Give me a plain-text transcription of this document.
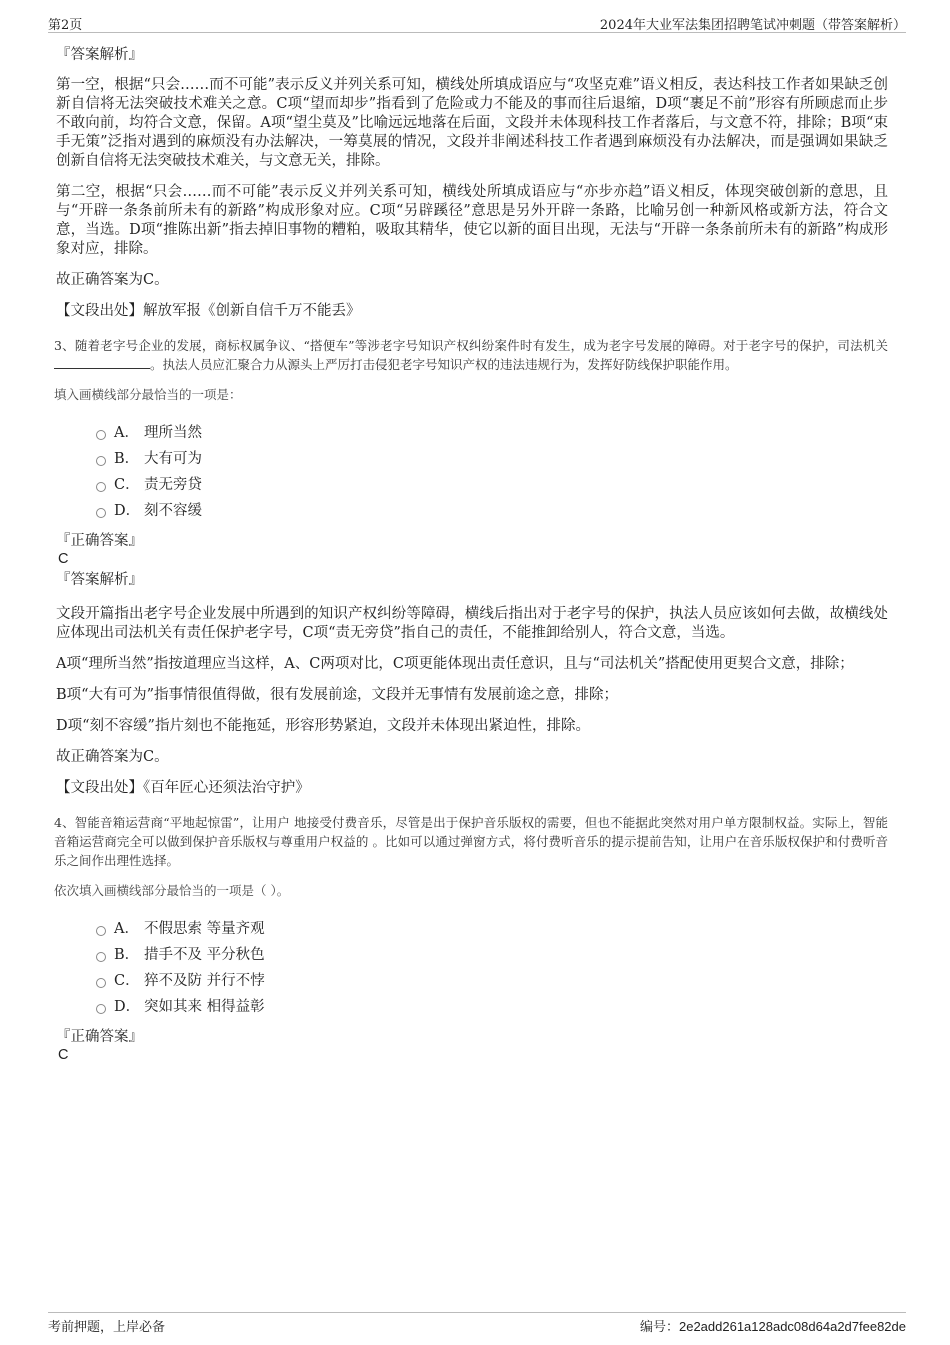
第2页	2024年大业军法集团招聘笔试冲刺题（带答案解析）
『答案解析』
第一空，根据“只会……而不可能”表示反义并列关系可知，横线处所填成语应与“攻坚克难”语义相反，表达科技工作者如果缺乏创新自信将无法突破技术难关之意。C项“望而却步”指看到了危险或力不能及的事而往后退缩，D项“裹足不前”形容有所顾虑而止步不敢向前，均符合文意，保留。A项“望尘莫及”比喻远远地落在后面，文段并未体现科技工作者落后，与文意不符，排除；B项“束手无策”泛指对遇到的麻烦没有办法解决，一筹莫展的情况，文段并非阐述科技工作者遇到麻烦没有办法解决，而是强调如果缺乏创新自信将无法突破技术难关，与文意无关，排除。
第二空，根据“只会……而不可能”表示反义并列关系可知，横线处所填成语应与“亦步亦趋”语义相反，体现突破创新的意思，且与“开辟一条条前所未有的新路”构成形象对应。C项“另辟蹊径”意思是另外开辟一条路，比喻另创一种新风格或新方法，符合文意，当选。D项“推陈出新”指去掉旧事物的糟粕，吸取其精华，使它以新的面目出现，无法与“开辟一条条前所未有的新路”构成形象对应，排除。
故正确答案为C。
【文段出处】解放军报《创新自信千万不能丢》
3、随着老字号企业的发展，商标权属争议、“搭便车”等涉老字号知识产权纠纷案件时有发生，成为老字号发展的障碍。对于老字号的保护，司法机关。执法人员应汇聚合力从源头上严厉打击侵犯老字号知识产权的违法违规行为，发挥好防线保护职能作用。
填入画横线部分最恰当的一项是：
A． 理所当然
B． 大有可为
C． 责无旁贷
D． 刻不容缓
『正确答案』
C
『答案解析』
文段开篇指出老字号企业发展中所遇到的知识产权纠纷等障碍，横线后指出对于老字号的保护，执法人员应该如何去做，故横线处应体现出司法机关有责任保护老字号，C项“责无旁贷”指自己的责任，不能推卸给别人，符合文意，当选。
A项“理所当然”指按道理应当这样，A、C两项对比，C项更能体现出责任意识，且与“司法机关”搭配使用更契合文意，排除；
B项“大有可为”指事情很值得做，很有发展前途，文段并无事情有发展前途之意，排除；
D项“刻不容缓”指片刻也不能拖延，形容形势紧迫，文段并未体现出紧迫性，排除。
故正确答案为C。
【文段出处】《百年匠心还须法治守护》
4、智能音箱运营商“平地起惊雷”，让用户 地接受付费音乐，尽管是出于保护音乐版权的需要，但也不能据此突然对用户单方限制权益。实际上，智能音箱运营商完全可以做到保护音乐版权与尊重用户权益的 。比如可以通过弹窗方式，将付费听音乐的提示提前告知，让用户在音乐版权保护和付费听音乐之间作出理性选择。
依次填入画横线部分最恰当的一项是（ ）。
A． 不假思索 等量齐观
B． 措手不及 平分秋色
C． 猝不及防 并行不悖
D． 突如其来 相得益彰
『正确答案』
C
考前押题，上岸必备	编号：2e2add261a128adc08d64a2d7fee82de
